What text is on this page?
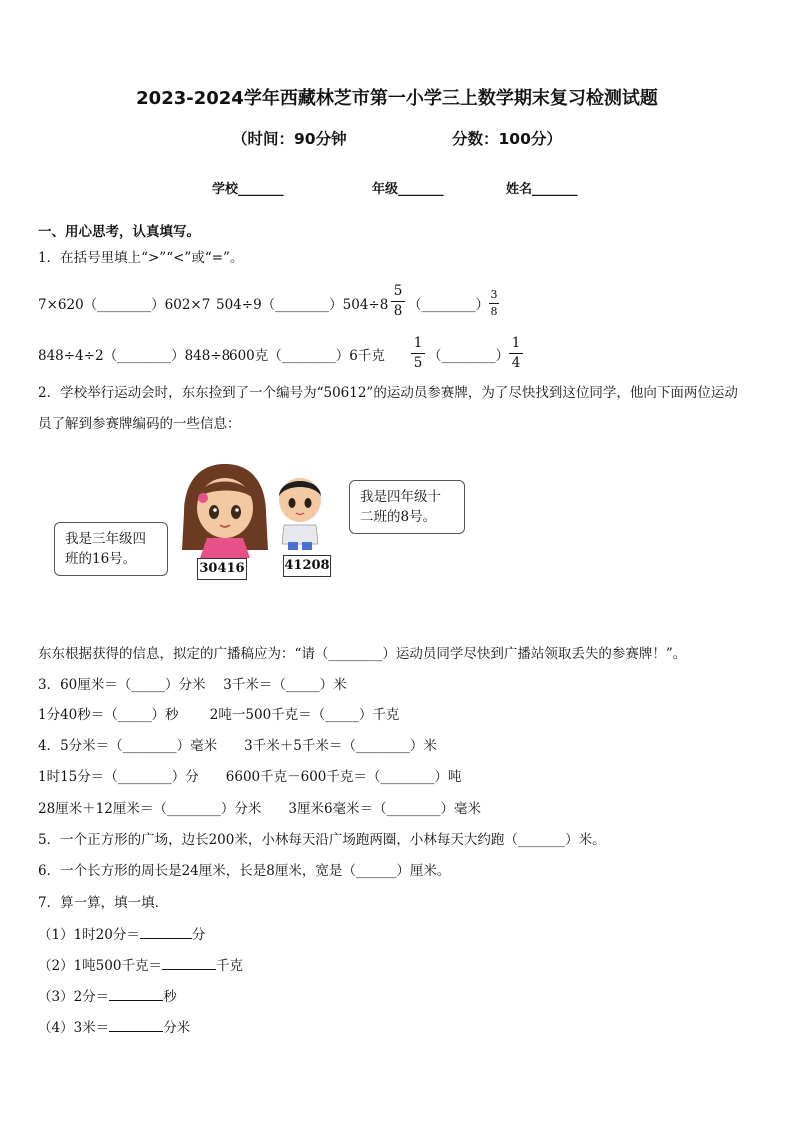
2023-2024学年西藏林芝市第一小学三上数学期末复习检测试题
（时间：90分钟	分数：100分）
学校_______	年级_______	姓名_______
一、用心思考，认真填写。
1．在括号里填上“>”“<”或“=”。
7×620（________）602×7 504÷9（________）504÷8
5
8 （________）
3
8
848÷4÷2（________）848÷8
600克（________）6千克
1
5 （________）
1
4
2．学校举行运动会时，东东捡到了一个编号为“50612”的运动员参赛牌，为了尽快找到这位同学，他向下面两位运动
员了解到参赛牌编码的一些信息：
我是三年级四班的16号。
30416
我是四年级十二班的8号。
41208
东东根据获得的信息，拟定的广播稿应为：“请（________）运动员同学尽快到广播站领取丢失的参赛牌！”。
3．60厘米＝（_____）分米　 3千米＝（_____）米
1分40秒＝（_____）秒　　 2吨一500千克＝（_____）千克
4．5分米＝（________）毫米　　3千米＋5千米＝（________）米
1时15分＝（________）分　　6600千克－600千克＝（________）吨
28厘米＋12厘米＝（________）分米　　3厘米6毫米＝（________）毫米
5．一个正方形的广场，边长200米，小林每天沿广场跑两圈，小林每天大约跑（_______）米。
6．一个长方形的周长是24厘米，长是8厘米，宽是（______）厘米。
7．算一算，填一填．
（1）1时20分＝	分
（2）1吨500千克＝	千克
（3）2分＝	秒
（4）3米＝	分米
